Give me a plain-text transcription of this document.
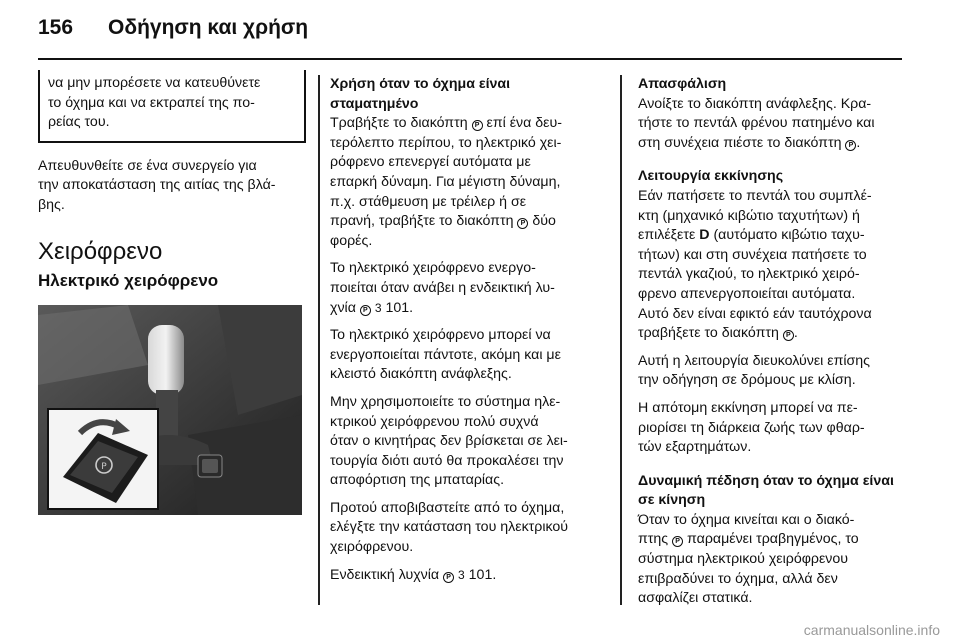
156 Οδήγηση και χρήση

να μην μπορέσετε να κατευθύνετε
το όχημα και να εκτραπεί της πο-
ρείας του.

Απευθυνθείτε σε ένα συνεργείο για
την αποκατάσταση της αιτίας της βλά-
βης.

Χειρόφρενο
Ηλεκτρικό χειρόφρενο
P

Χρήση όταν το όχημα είναι
σταματημένο

Τραβήξτε το διακόπτη P επί ένα δευ-
τερόλεπτο περίπου, το ηλεκτρικό χει-
ρόφρενο επενεργεί αυτόματα με
επαρκή δύναμη. Για μέγιστη δύναμη,
π.χ. στάθμευση με τρέιλερ ή σε
πρανή, τραβήξτε το διακόπτη P δύο
φορές.

Το ηλεκτρικό χειρόφρενο ενεργο-
ποιείται όταν ανάβει η ενδεικτική λυ-
χνία P 3 101.

Το ηλεκτρικό χειρόφρενο μπορεί να
ενεργοποιείται πάντοτε, ακόμη και με
κλειστό διακόπτη ανάφλεξης.

Μην χρησιμοποιείτε το σύστημα ηλε-
κτρικού χειρόφρενου πολύ συχνά
όταν ο κινητήρας δεν βρίσκεται σε λει-
τουργία διότι αυτό θα προκαλέσει την
αποφόρτιση της μπαταρίας.

Προτού αποβιβαστείτε από το όχημα,
ελέγξτε την κατάσταση του ηλεκτρικού
χειρόφρενου.

Ενδεικτική λυχνία P 3 101.

Απασφάλιση

Ανοίξτε το διακόπτη ανάφλεξης. Κρα-
τήστε το πεντάλ φρένου πατημένο και
στη συνέχεια πιέστε το διακόπτη P .

Λειτουργία εκκίνησης

Εάν πατήσετε το πεντάλ του συμπλέ-
κτη (μηχανικό κιβώτιο ταχυτήτων) ή
επιλέξετε D (αυτόματο κιβώτιο ταχυ-
τήτων) και στη συνέχεια πατήσετε το
πεντάλ γκαζιού, το ηλεκτρικό χειρό-
φρενο απενεργοποιείται αυτόματα.
Αυτό δεν είναι εφικτό εάν ταυτόχρονα
τραβήξετε το διακόπτη P .

Αυτή η λειτουργία διευκολύνει επίσης
την οδήγηση σε δρόμους με κλίση.

Η απότομη εκκίνηση μπορεί να πε-
ριορίσει τη διάρκεια ζωής των φθαρ-
τών εξαρτημάτων.

Δυναμική πέδηση όταν το όχημα είναι
σε κίνηση

Όταν το όχημα κινείται και ο διακό-
πτης P παραμένει τραβηγμένος, το
σύστημα ηλεκτρικού χειρόφρενου
επιβραδύνει το όχημα, αλλά δεν
ασφαλίζει στατικά.

carmanualsonline.info
